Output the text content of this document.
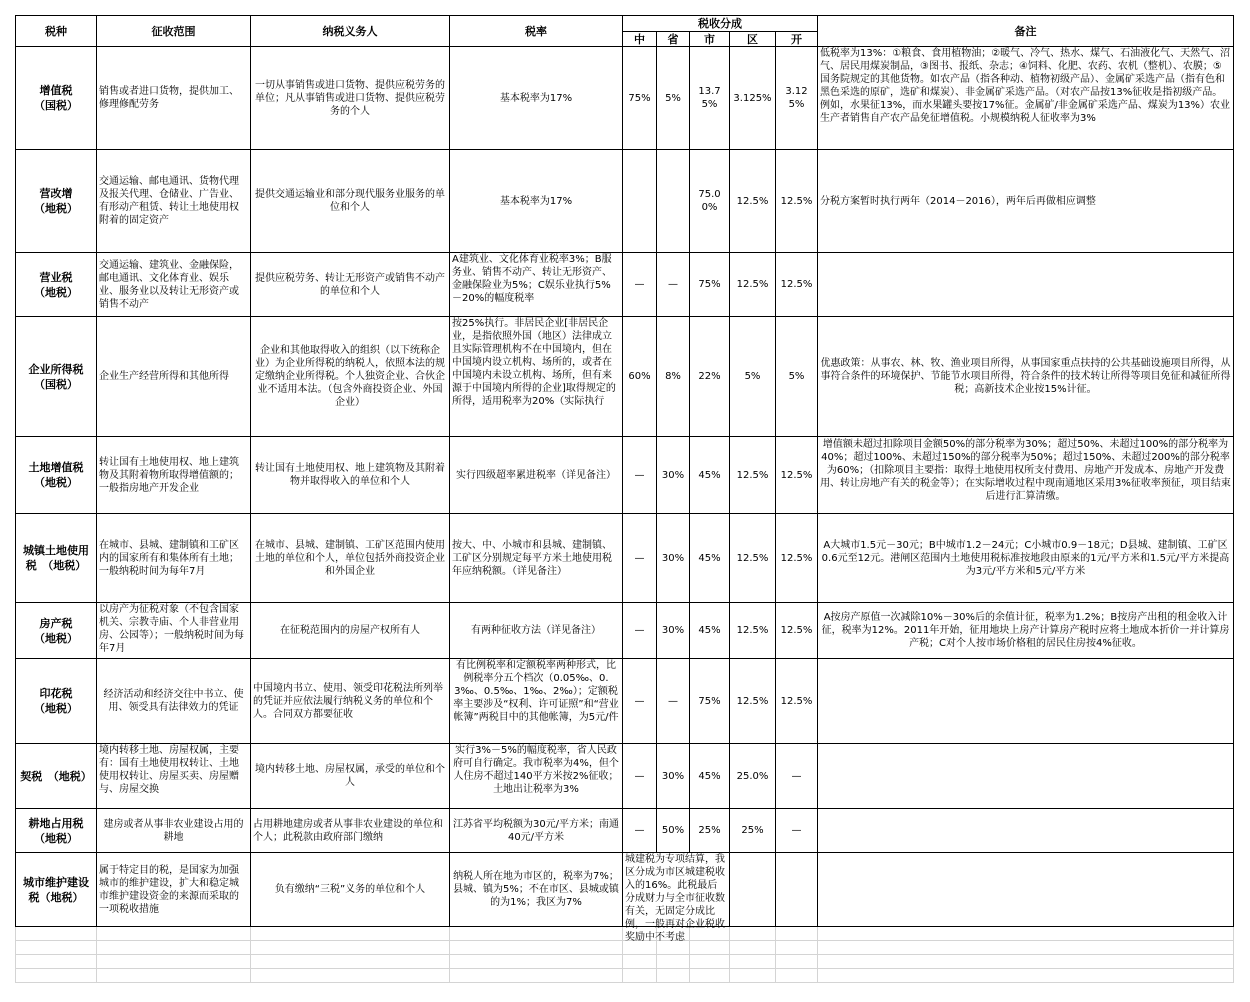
税种	征收范围	纳税义务人	税率	税收分成					备注
				中	省	市	区	开	
增值税
（国税）	销售或者进口货物，提供加工、修理修配劳务	一切从事销售或进口货物、提供应税劳务的单位；凡从事销售或进口货物、提供应税劳务的个人	基本税率为17%	75%	5%	13.75%	3.125%	3.125%	低税率为13%：①粮食、食用植物油；②暖气、冷气、热水、煤气、石油液化气、天然气、沼气、居民用煤炭制品，③图书、报纸、杂志；④饲料、化肥、农药、农机（整机）、农膜；⑤国务院规定的其他货物。如农产品（指各种动、植物初级产品）、金属矿采选产品（指有色和黑色采选的原矿，选矿和煤炭）、非金属矿采选产品。（对农产品按13%征收是指初级产品。例如，水果征13%，而水果罐头要按17%征。金属矿/非金属矿采选产品、煤炭为13%）农业生产者销售自产农产品免征增值税。小规模纳税人征收率为3%

营改增
（地税）	交通运输、邮电通讯、货物代理及报关代理、仓储业、广告业、有形动产租赁、转让土地使用权附着的固定资产	提供交通运输业和部分现代服务业服务的单位和个人	基本税率为17%			75.00%	12.5%	12.5%	分税方案暂时执行两年（2014－2016），两年后再做相应调整
营业税
（地税）	交通运输、建筑业、金融保险，邮电通讯、文化体育业、娱乐业、服务业以及转让无形资产或销售不动产	提供应税劳务、转让无形资产或销售不动产的单位和个人	A建筑业、文化体育业税率3%；B服务业、销售不动产、转让无形资产、金融保险业为5%；C娱乐业执行5%－20%的幅度税率	—	—	75%	12.5%	12.5%	
企业所得税
（国税）	企业生产经营所得和其他所得	企业和其他取得收入的组织（以下统称企业）为企业所得税的纳税人，依照本法的规定缴纳企业所得税。个人独资企业、合伙企业不适用本法。（包含外商投资企业、外国企业）	按25%执行。非居民企业[非居民企业，是指依照外国（地区）法律成立且实际管理机构不在中国境内，但在中国境内设立机构、场所的，或者在中国境内未设立机构、场所，但有来源于中国境内所得的企业]取得规定的所得，适用税率为20%（实际执行	60%	8%	22%	5%	5%	优惠政策：从事农、林、牧、渔业项目所得，从事国家重点扶持的公共基础设施项目所得，从事符合条件的环境保护、节能节水项目所得，符合条件的技术转让所得等项目免征和减征所得税；高新技术企业按15%计征。
土地增值税
（地税）	转让国有土地使用权、地上建筑物及其附着物所取得增值额的；一般指房地产开发企业	转让国有土地使用权、地上建筑物及其附着物并取得收入的单位和个人	实行四级超率累进税率（详见备注）	—	30%	45%	12.5%	12.5%	增值额未超过扣除项目金额50%的部分税率为30%；超过50%、未超过100%的部分税率为40%；超过100%、未超过150%的部分税率为50%；超过150%、未超过200%的部分税率为60%；（扣除项目主要指：取得土地使用权所支付费用、房地产开发成本、房地产开发费用、转让房地产有关的税金等）；在实际增收过程中现南通地区采用3%征收率预征，项目结束后进行汇算清缴。

城镇土地使用税　（地税）	在城市、县城、建制镇和工矿区内的国家所有和集体所有土地；一般纳税时间为每年7月	在城市、县城、建制镇、工矿区范围内使用土地的单位和个人，单位包括外商投资企业和外国企业	按大、中、小城市和县城、建制镇、工矿区分别规定每平方米土地使用税年应纳税额。（详见备注）	—	30%	45%	12.5%	12.5%	A大城市1.5元－30元；B中城市1.2－24元；C小城市0.9－18元；D县城、建制镇、工矿区0.6元至12元。港闸区范围内土地使用税标准按地段由原来的1元/平方米和1.5元/平方米提高为3元/平方米和5元/平方米
房产税
（地税）	以房产为征税对象（不包含国家机关、宗教寺庙、个人非营业用房、公园等）；一般纳税时间为每年7月	在征税范围内的房屋产权所有人	有两种征收方法（详见备注）	—	30%	45%	12.5%	12.5%	A按房产原值一次减除10%－30%后的余值计征，税率为1.2%；B按房产出租的租金收入计征，税率为12%。2011年开始，征用地块上房产计算房产税时应将土地成本折价一并计算房产税；C对个人按市场价格租的居民住房按4%征收。
印花税
（地税）	经济活动和经济交往中书立、使用、领受具有法律效力的凭证	中国境内书立、使用、领受印花税法所列举的凭证并应依法履行纳税义务的单位和个人。合同双方都要征收	有比例税率和定额税率两种形式，比例税率分五个档次（0.05‰、0.3‰、0.5‰、1‰、2‰）；定额税率主要涉及“权利、许可证照”和“营业帐簿”两税目中的其他帐簿，为5元/件	—	—	75%	12.5%	12.5%	
契税　（地税）	境内转移土地、房屋权属，主要有：国有土地使用权转让、土地使用权转让、房屋买卖、房屋赠与、房屋交换	境内转移土地、房屋权属，承受的单位和个人	实行3%－5%的幅度税率，省人民政府可自行确定。我市税率为4%，但个人住房不超过140平方米按2%征收；土地出让税率为3%	—	30%	45%	25.0%	—	
耕地占用税
（地税）	建房或者从事非农业建设占用的耕地	占用耕地建房或者从事非农业建设的单位和个人；此税款由政府部门缴纳	江苏省平均税额为30元/平方米；南通40元/平方米	—	50%	25%	25%	—	
城市维护建设税（地税）	属于特定目的税，是国家为加强城市的维护建设，扩大和稳定城市维护建设资金的来源而采取的一项税收措施	负有缴纳“三税”义务的单位和个人	纳税人所在地为市区的，税率为7%；县城、镇为5%；不在市区、县城或镇的为1%；我区为7%	城建税为专项结算，我区分成为市区城建税收入的16%。此税最后分成财力与全市征收数有关，无固定分成比例，一般再对企业税收奖励中不考虑					
